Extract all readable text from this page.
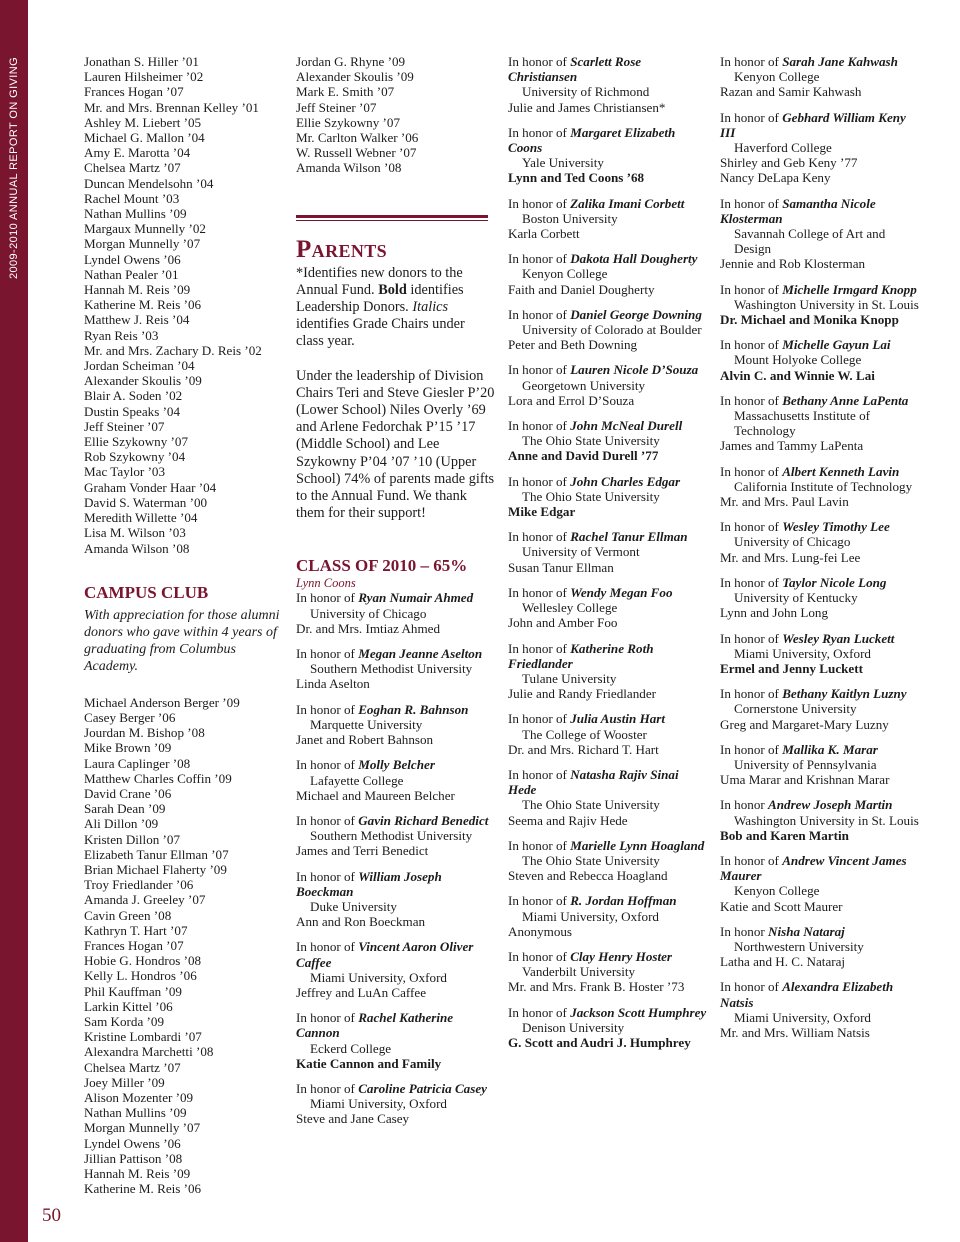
2009-2010 ANNUAL REPORT ON GIVING
50
Jonathan S. Hiller ’01
Lauren Hilsheimer ’02
Frances Hogan ’07
Mr. and Mrs. Brennan Kelley ’01
Ashley M. Liebert ’05
Michael G. Mallon ’04
Amy E. Marotta ’04
Chelsea Martz ’07
Duncan Mendelsohn ’04
Rachel Mount ’03
Nathan Mullins ’09
Margaux Munnelly ’02
Morgan Munnelly ’07
Lyndel Owens ’06
Nathan Pealer ’01
Hannah M. Reis ’09
Katherine M. Reis ’06
Matthew J. Reis ’04
Ryan Reis ’03
Mr. and Mrs. Zachary D. Reis ’02
Jordan Scheiman ’04
Alexander Skoulis ’09
Blair A. Soden ’02
Dustin Speaks ’04
Jeff Steiner ’07
Ellie Szykowny ’07
Rob Szykowny ’04
Mac Taylor ’03
Graham Vonder Haar ’04
David S. Waterman ’00
Meredith Willette ’04
Lisa M. Wilson ’03
Amanda Wilson ’08
CAMPUS CLUB
With appreciation for those alumni donors who gave within 4 years of graduating from Columbus Academy.
Michael Anderson Berger ’09
Casey Berger ’06
Jourdan M. Bishop ’08
Mike Brown ’09
Laura Caplinger ’08
Matthew Charles Coffin ’09
David Crane ’06
Sarah Dean ’09
Ali Dillon ’09
Kristen Dillon ’07
Elizabeth Tanur Ellman ’07
Brian Michael Flaherty ’09
Troy Friedlander ’06
Amanda J. Greeley ’07
Cavin Green ’08
Kathryn T. Hart ’07
Frances Hogan ’07
Hobie G. Hondros ’08
Kelly L. Hondros ’06
Phil Kauffman ’09
Larkin Kittel ’06
Sam Korda ’09
Kristine Lombardi ’07
Alexandra Marchetti ’08
Chelsea Martz ’07
Joey Miller ’09
Alison Mozenter ’09
Nathan Mullins ’09
Morgan Munnelly ’07
Lyndel Owens ’06
Jillian Pattison ’08
Hannah M. Reis ’09
Katherine M. Reis ’06
Jordan G. Rhyne ’09
Alexander Skoulis ’09
Mark E. Smith ’07
Jeff Steiner ’07
Ellie Szykowny ’07
Mr. Carlton Walker ’06
W. Russell Webner ’07
Amanda Wilson ’08
Parents
*Identifies new donors to the Annual Fund. Bold identifies Leadership Donors. Italics identifies Grade Chairs under class year.
Under the leadership of Division Chairs Teri and Steve Giesler P’20 (Lower School) Niles Overly ’69 and Arlene Fedorchak P’15 ’17 (Middle School) and Lee Szykowny P’04 ’07 ’10 (Upper School) 74% of parents made gifts to the Annual Fund. We thank them for their support!
CLASS OF 2010 – 65%
Lynn Coons
In honor of Ryan Numair Ahmed
University of Chicago
Dr. and Mrs. Imtiaz Ahmed
In honor of Megan Jeanne Aselton
Southern Methodist University
Linda Aselton
In honor of Eoghan R. Bahnson
Marquette University
Janet and Robert Bahnson
In honor of Molly Belcher
Lafayette College
Michael and Maureen Belcher
In honor of Gavin Richard Benedict
Southern Methodist University
James and Terri Benedict
In honor of William Joseph Boeckman
Duke University
Ann and Ron Boeckman
In honor of Vincent Aaron Oliver Caffee
Miami University, Oxford
Jeffrey and LuAn Caffee
In honor of Rachel Katherine Cannon
Eckerd College
Katie Cannon and Family
In honor of Caroline Patricia Casey
Miami University, Oxford
Steve and Jane Casey
In honor of Scarlett Rose Christiansen
University of Richmond
Julie and James Christiansen*
In honor of Margaret Elizabeth Coons
Yale University
Lynn and Ted Coons ’68
In honor of Zalika Imani Corbett
Boston University
Karla Corbett
In honor of Dakota Hall Dougherty
Kenyon College
Faith and Daniel Dougherty
In honor of Daniel George Downing
University of Colorado at Boulder
Peter and Beth Downing
In honor of Lauren Nicole D’Souza
Georgetown University
Lora and Errol D’Souza
In honor of John McNeal Durell
The Ohio State University
Anne and David Durell ’77
In honor of John Charles Edgar
The Ohio State University
Mike Edgar
In honor of Rachel Tanur Ellman
University of Vermont
Susan Tanur Ellman
In honor of Wendy Megan Foo
Wellesley College
John and Amber Foo
In honor of Katherine Roth Friedlander
Tulane University
Julie and Randy Friedlander
In honor of Julia Austin Hart
The College of Wooster
Dr. and Mrs. Richard T. Hart
In honor of Natasha Rajiv Sinai Hede
The Ohio State University
Seema and Rajiv Hede
In honor of Marielle Lynn Hoagland
The Ohio State University
Steven and Rebecca Hoagland
In honor of R. Jordan Hoffman
Miami University, Oxford
Anonymous
In honor of Clay Henry Hoster
Vanderbilt University
Mr. and Mrs. Frank B. Hoster ’73
In honor of Jackson Scott Humphrey
Denison University
G. Scott and Audri J. Humphrey
In honor of Sarah Jane Kahwash
Kenyon College
Razan and Samir Kahwash
In honor of Gebhard William Keny III
Haverford College
Shirley and Geb Keny ’77
Nancy DeLapa Keny
In honor of Samantha Nicole Klosterman
Savannah College of Art and Design
Jennie and Rob Klosterman
In honor of Michelle Irmgard Knopp
Washington University in St. Louis
Dr. Michael and Monika Knopp
In honor of Michelle Gayun Lai
Mount Holyoke College
Alvin C. and Winnie W. Lai
In honor of Bethany Anne LaPenta
Massachusetts Institute of Technology
James and Tammy LaPenta
In honor of Albert Kenneth Lavin
California Institute of Technology
Mr. and Mrs. Paul Lavin
In honor of Wesley Timothy Lee
University of Chicago
Mr. and Mrs. Lung-fei Lee
In honor of Taylor Nicole Long
University of Kentucky
Lynn and John Long
In honor of Wesley Ryan Luckett
Miami University, Oxford
Ermel and Jenny Luckett
In honor of Bethany Kaitlyn Luzny
Cornerstone University
Greg and Margaret-Mary Luzny
In honor of Mallika K. Marar
University of Pennsylvania
Uma Marar and Krishnan Marar
In honor Andrew Joseph Martin
Washington University in St. Louis
Bob and Karen Martin
In honor of Andrew Vincent James Maurer
Kenyon College
Katie and Scott Maurer
In honor Nisha Nataraj
Northwestern University
Latha and H. C. Nataraj
In honor of Alexandra Elizabeth Natsis
Miami University, Oxford
Mr. and Mrs. William Natsis
